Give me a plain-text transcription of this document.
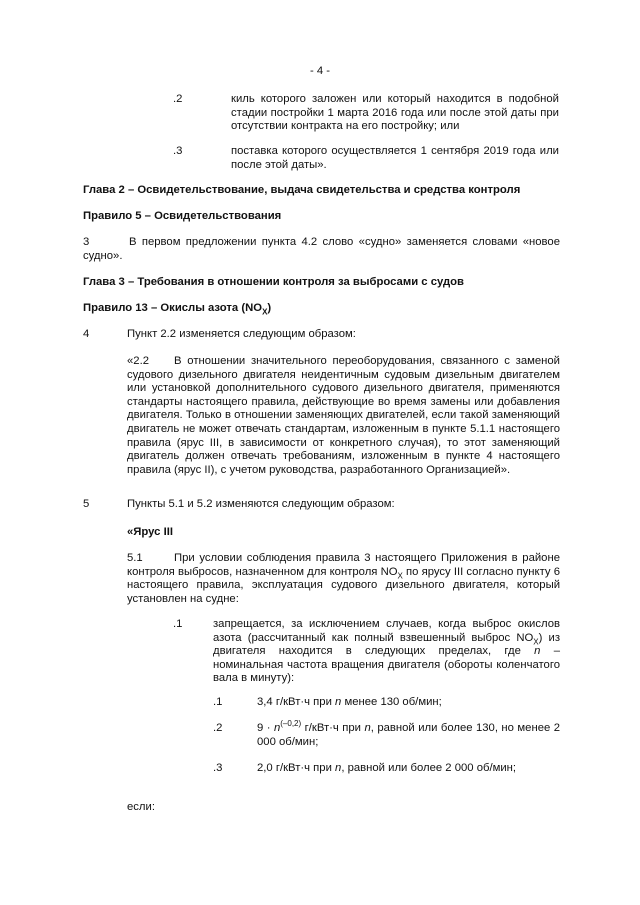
- 4 -
.2	киль которого заложен или который находится в подобной стадии постройки 1 марта 2016 года или после этой даты при отсутствии контракта на его постройку; или
.3	поставка которого осуществляется 1 сентября 2019 года или после этой даты».
Глава 2 – Освидетельствование, выдача свидетельства и средства контроля
Правило 5 – Освидетельствования
3	В первом предложении пункта 4.2 слово «судно» заменяется словами «новое судно».
Глава 3 – Требования в отношении контроля за выбросами с судов
Правило 13 – Окислы азота $(NO_X)$
4	Пункт 2.2 изменяется следующим образом:
«2.2	В отношении значительного переоборудования, связанного с заменой судового дизельного двигателя неидентичным судовым дизельным двигателем или установкой дополнительного судового дизельного двигателя, применяются стандарты настоящего правила, действующие во время замены или добавления двигателя. Только в отношении заменяющих двигателей, если такой заменяющий двигатель не может отвечать стандартам, изложенным в пункте 5.1.1 настоящего правила (ярус III, в зависимости от конкретного случая), то этот заменяющий двигатель должен отвечать требованиям, изложенным в пункте 4 настоящего правила (ярус II), с учетом руководства, разработанного Организацией».
5	Пункты 5.1 и 5.2 изменяются следующим образом:
«Ярус III
5.1	При условии соблюдения правила 3 настоящего Приложения в районе контроля выбросов, назначенном для контроля $NO_X$ по ярусу III согласно пункту 6 настоящего правила, эксплуатация судового дизельного двигателя, который установлен на судне:
.1	запрещается, за исключением случаев, когда выброс окислов азота (рассчитанный как полный взвешенный выброс $NO_X$) из двигателя находится в следующих пределах, где n – номинальная частота вращения двигателя (обороты коленчатого вала в минуту):
.1	3,4 г/кВт·ч при n менее 130 об/мин;
.2	$9 \cdot n^{(-0,2)}$ г/кВт·ч при n, равной или более 130, но менее 2 000 об/мин;
.3	2,0 г/кВт·ч при n, равной или более 2 000 об/мин;
если:
